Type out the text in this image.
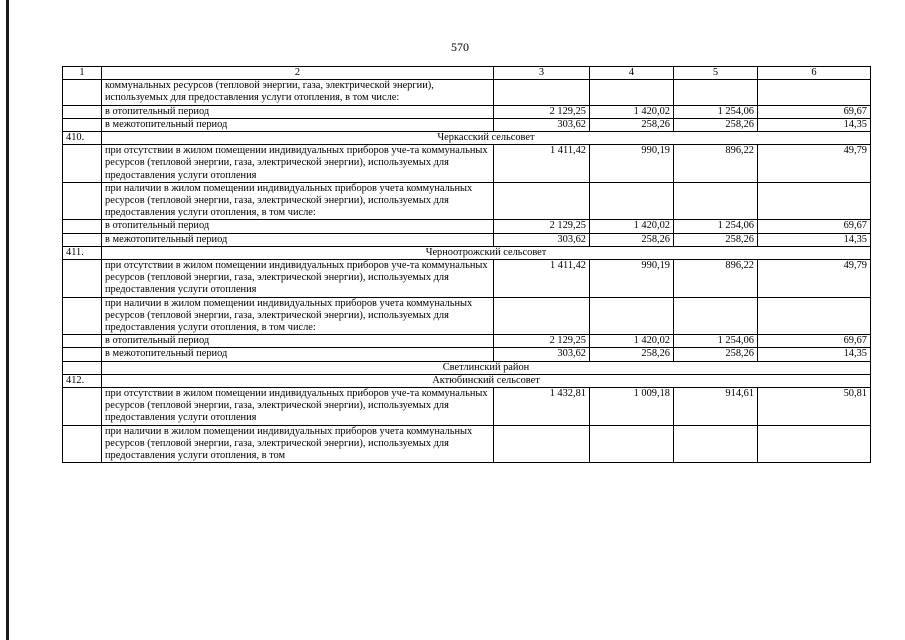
570
1	2	3	4	5	6
	коммунальных ресурсов (тепловой энергии, газа, электрической энергии), используемых для предоставления услуги отопления, в том числе:				
	в отопительный период	2 129,25	1 420,02	1 254,06	69,67
	в межотопительный период	303,62	258,26	258,26	14,35
410.	Черкасский сельсовет				
	при отсутствии в жилом помещении индивидуальных приборов уче-та коммунальных ресурсов (тепловой энергии, газа, электрической энергии), используемых для предоставления услуги отопления	1 411,42	990,19	896,22	49,79
	при наличии в жилом помещении индивидуальных приборов учета коммунальных ресурсов (тепловой энергии, газа, электрической энергии), используемых для предоставления услуги отопления, в том числе:				
	в отопительный период	2 129,25	1 420,02	1 254,06	69,67
	в межотопительный период	303,62	258,26	258,26	14,35
411.	Черноотрожский сельсовет				
	при отсутствии в жилом помещении индивидуальных приборов уче-та коммунальных ресурсов (тепловой энергии, газа, электрической энергии), используемых для предоставления услуги отопления	1 411,42	990,19	896,22	49,79
	при наличии в жилом помещении индивидуальных приборов учета коммунальных ресурсов (тепловой энергии, газа, электрической энергии), используемых для предоставления услуги отопления, в том числе:				
	в отопительный период	2 129,25	1 420,02	1 254,06	69,67
	в межотопительный период	303,62	258,26	258,26	14,35
	Светлинский район				
412.	Актюбинский сельсовет				
	при отсутствии в жилом помещении индивидуальных приборов уче-та коммунальных ресурсов (тепловой энергии, газа, электрической энергии), используемых для предоставления услуги отопления	1 432,81	1 009,18	914,61	50,81
	при наличии в жилом помещении индивидуальных приборов учета коммунальных ресурсов (тепловой энергии, газа, электрической энергии), используемых для предоставления услуги отопления, в том				
